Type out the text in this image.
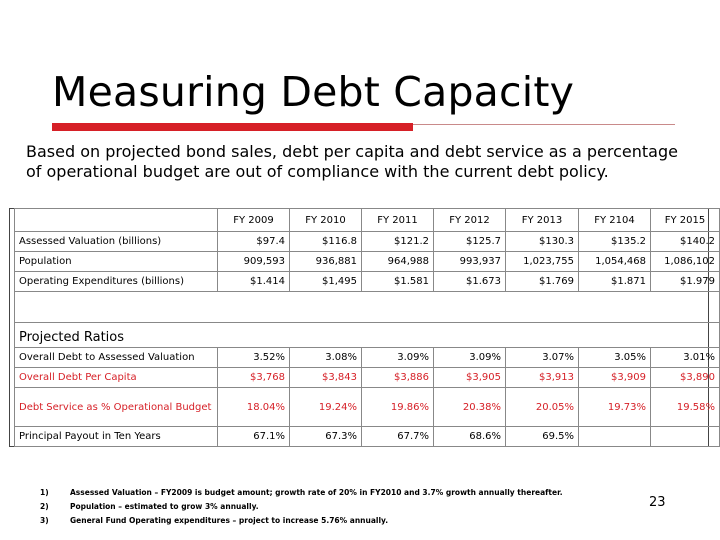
Measuring Debt Capacity
Based on projected bond sales, debt per capita and debt service as a percentage of operational budget are out of compliance with the current debt policy.
	FY 2009	FY 2010	FY 2011	FY 2012	FY 2013	FY 2104	FY 2015
Assessed Valuation (billions)	$97.4	$116.8	$121.2	$125.7	$130.3	$135.2	$140.2
Population	909,593	936,881	964,988	993,937	1,023,755	1,054,468	1,086,102
Operating Expenditures (billions)	$1.414	$1,495	$1.581	$1.673	$1.769	$1.871	$1.979

Projected Ratios							
Overall Debt to Assessed Valuation	3.52%	3.08%	3.09%	3.09%	3.07%	3.05%	3.01%
Overall Debt Per Capita	$3,768	$3,843	$3,886	$3,905	$3,913	$3,909	$3,890
Debt Service as % Operational Budget	18.04%	19.24%	19.86%	20.38%	20.05%	19.73%	19.58%
Principal Payout in Ten Years	67.1%	67.3%	67.7%	68.6%	69.5%		
1)	Assessed Valuation – FY2009 is budget amount; growth rate of 20% in FY2010 and 3.7% growth annually thereafter.
2)	Population – estimated to grow 3% annually.
3)	General Fund Operating expenditures – project to increase 5.76% annually.
23
